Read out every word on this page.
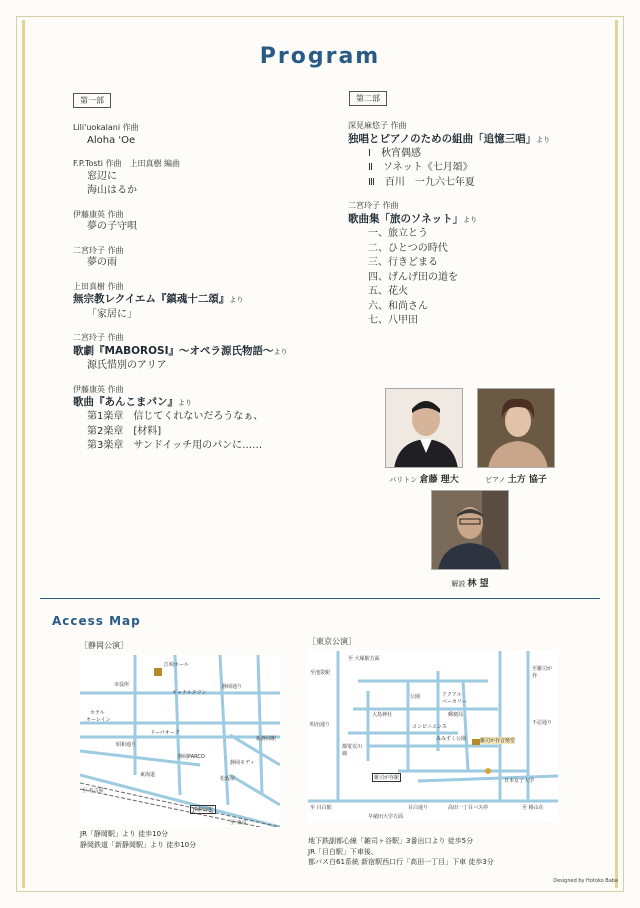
Program
第一部
Lili'uokalani 作曲
Aloha 'Oe
F.P.Tosti 作曲　上田真樹 編曲
窓辺に
海山はるか
伊藤康英 作曲
夢の子守唄
二宮玲子 作曲
夢の雨
上田真樹 作曲
無宗教レクイエム『鎮魂十二頌』より
「家居に」
二宮玲子 作曲
歌劇『MABOROSI』～オペラ源氏物語～より
源氏惜別のアリア
伊藤康英 作曲
歌曲『あんこまパン』より
第1楽章　信じてくれないだろうなぁ、
第2楽章　[材料]
第3楽章　サンドイッチ用のパンに……
第二部
深見麻悠子 作曲
独唱とピアノのための組曲「追憶三唱」より
Ⅰ　秋宵偶感
Ⅱ　ソネット《七月頌》
Ⅲ　百川　一九六七年夏
二宮玲子 作曲
歌曲集「旅のソネット」より
一、旅立とう
二、ひとつの時代
三、行きどまる
四、げんげ田の道を
五、花火
六、和尚さん
七、八甲田
バリトン 倉藤 理大	ピアノ 土方 協子
解説 林 望
Access Map
［静岡公演］
江崎ホール
市役所
キャナルタウン
静岡通り
ホテル
オーレイン
昭和通り
ドーパオーク
新静岡駅
静岡PARCO
静岡モディ
松坂屋
東海道
至 名古屋
至 東京
JR静岡駅
JR「静岡駅」より 徒歩10分
静岡鉄道「新静岡駅」より 徒歩10分
［東京公演］
至 大塚駅方面
至池袋駅
至雑司が谷
不忍通り
公園	アクアル
ベーカリー
郵便局
大鳥神社
明治通り	コンビニエンス
みみずく公園	雑司が谷音楽堂
都電荒川線
雑司が谷駅	日本女子大学
至 目白駅	目白通り	高田一丁目バス停	至 椿山荘
早稲田大学方面
地下鉄副都心線「雑司ヶ谷駅」3番出口より 徒歩5分
JR「目白駅」下車後、
都バス白61系統 新宿駅西口行「高田一丁目」下車 徒歩3分
Designed by Hotoko Baba
